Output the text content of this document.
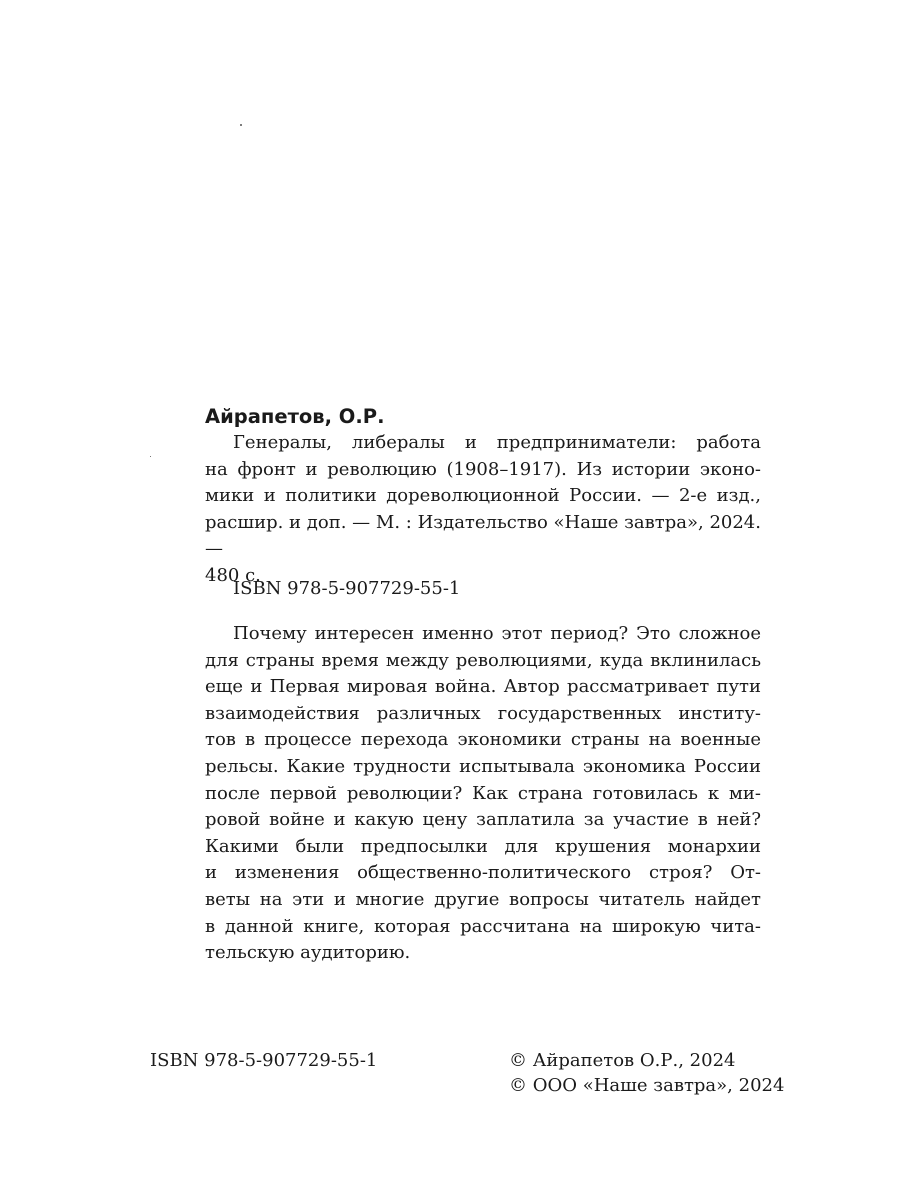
Айрапетов, О.Р.
Генералы, либералы и предприниматели: работа
на фронт и революцию (1908–1917). Из истории эконо-
мики и политики дореволюционной России. — 2-е изд.,
расшир. и доп. — М. : Издательство «Наше завтра», 2024. —
480 с.
ISBN 978-5-907729-55-1
Почему интересен именно этот период? Это сложное
для страны время между революциями, куда вклинилась
еще и Первая мировая война. Автор рассматривает пути
взаимодействия различных государственных институ-
тов в процессе перехода экономики страны на военные
рельсы. Какие трудности испытывала экономика России
после первой революции? Как страна готовилась к ми-
ровой войне и какую цену заплатила за участие в ней?
Какими были предпосылки для крушения монархии
и изменения общественно-политического строя? От-
веты на эти и многие другие вопросы читатель найдет
в данной книге, которая рассчитана на широкую чита-
тельскую аудиторию.
ISBN 978-5-907729-55-1	© Айрапетов О.Р., 2024
© ООО «Наше завтра», 2024
